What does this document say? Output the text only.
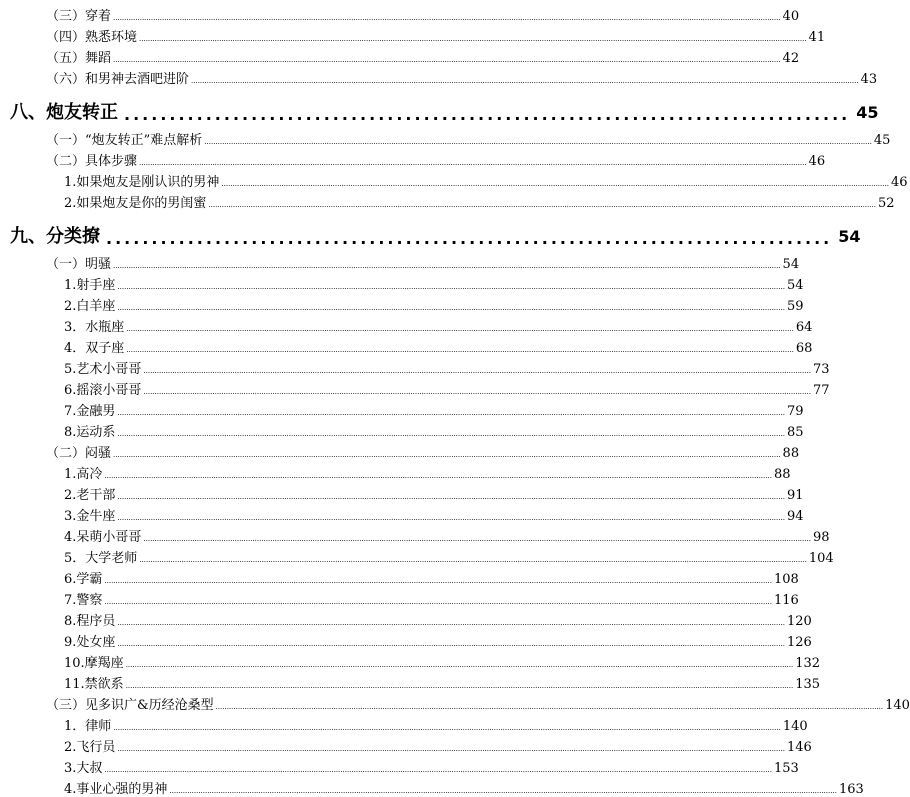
（三）穿着 ............................................................................................................................................................................................................................................................................................................ 40
（四）熟悉环境 ............................................................................................................................................................................................................................................................................................................ 41
（五）舞蹈 ............................................................................................................................................................................................................................................................................................................ 42
（六）和男神去酒吧进阶 ............................................................................................................................................................................................................................................................................................................ 43
八、炮友转正 ................................................................................ 45
（一）“炮友转正”难点解析 ............................................................................................................................................................................................................................................................................................................ 45
（二）具体步骤 ............................................................................................................................................................................................................................................................................................................ 46
1.如果炮友是刚认识的男神 ............................................................................................................................................................................................................................................................................................................ 46
2.如果炮友是你的男闺蜜 ............................................................................................................................................................................................................................................................................................................ 52
九、分类撩 ................................................................................ 54
（一）明骚 ............................................................................................................................................................................................................................................................................................................ 54
1.射手座 ............................................................................................................................................................................................................................................................................................................ 54
2.白羊座 ............................................................................................................................................................................................................................................................................................................ 59
3．水瓶座 ............................................................................................................................................................................................................................................................................................................ 64
4．双子座 ............................................................................................................................................................................................................................................................................................................ 68
5.艺术小哥哥 ............................................................................................................................................................................................................................................................................................................ 73
6.摇滚小哥哥 ............................................................................................................................................................................................................................................................................................................ 77
7.金融男 ............................................................................................................................................................................................................................................................................................................ 79
8.运动系 ............................................................................................................................................................................................................................................................................................................ 85
（二）闷骚 ............................................................................................................................................................................................................................................................................................................ 88
1.高冷 ............................................................................................................................................................................................................................................................................................................ 88
2.老干部 ............................................................................................................................................................................................................................................................................................................ 91
3.金牛座 ............................................................................................................................................................................................................................................................................................................ 94
4.呆萌小哥哥 ............................................................................................................................................................................................................................................................................................................ 98
5．大学老师 ............................................................................................................................................................................................................................................................................................................ 104
6.学霸 ............................................................................................................................................................................................................................................................................................................ 108
7.警察 ............................................................................................................................................................................................................................................................................................................ 116
8.程序员 ............................................................................................................................................................................................................................................................................................................ 120
9.处女座 ............................................................................................................................................................................................................................................................................................................ 126
10.摩羯座 ............................................................................................................................................................................................................................................................................................................ 132
11.禁欲系 ............................................................................................................................................................................................................................................................................................................ 135
（三）见多识广&历经沧桑型 ............................................................................................................................................................................................................................................................................................................ 140
1．律师 ............................................................................................................................................................................................................................................................................................................ 140
2.飞行员 ............................................................................................................................................................................................................................................................................................................ 146
3.大叔 ............................................................................................................................................................................................................................................................................................................ 153
4.事业心强的男神 ............................................................................................................................................................................................................................................................................................................ 163
